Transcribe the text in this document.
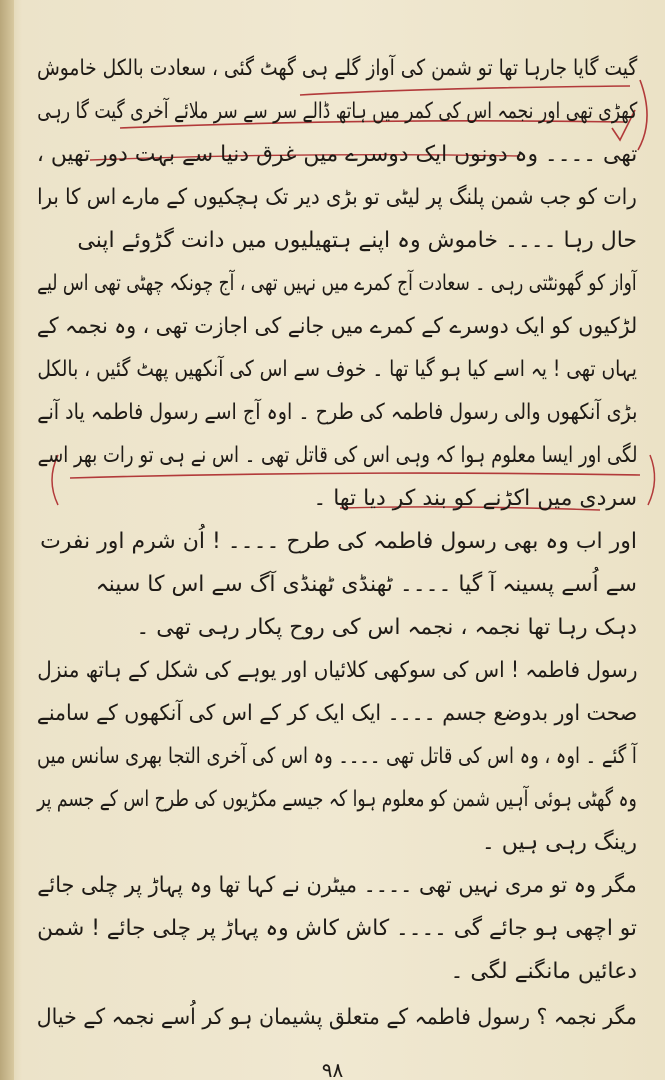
گیت گایا جارہا تھا تو شمن کی آواز گلے ہی گھٹ گئی ، سعادت بالکل خاموش
کھڑی تھی اور نجمہ اس کی کمر میں ہاتھ ڈالے سر سے سر ملائے آخری گیت گا رہی
تھی ۔۔۔۔ وہ دونوں ایک دوسرے میں غرق دنیا سے بہت دور تھیں ،
رات کو جب شمن پلنگ پر لیٹی تو بڑی دیر تک ہچکیوں کے مارے اس کا برا
حال رہا ۔۔۔۔ خاموش وہ اپنے ہتھیلیوں میں دانت گڑوئے اپنی
آواز کو گھونٹتی رہی ۔ سعادت آج کمرے میں نہیں تھی ، آج چونکہ چھٹی تھی اس لیے
لڑکیوں کو ایک دوسرے کے کمرے میں جانے کی اجازت تھی ، وہ نجمہ کے
یہاں تھی ! یہ اسے کیا ہو گیا تھا ۔ خوف سے اس کی آنکھیں پھٹ گئیں ، بالکل
بڑی آنکھوں والی رسول فاطمہ کی طرح ۔ اوہ آج اسے رسول فاطمہ یاد آنے
لگی اور ایسا معلوم ہوا کہ وہی اس کی قاتل تھی ۔ اس نے ہی تو رات بھر اسے
سردی میں اکڑنے کو بند کر دیا تھا ۔
اور اب وہ بھی رسول فاطمہ کی طرح ۔۔۔۔ ! اُن شرم اور نفرت
سے اُسے پسینہ آ گیا ۔۔۔۔ ٹھنڈی ٹھنڈی آگ سے اس کا سینہ
دہک رہا تھا نجمہ ، نجمہ اس کی روح پکار رہی تھی ۔
رسول فاطمہ ! اس کی سوکھی کلائیاں اور یوہے کی شکل کے ہاتھ منزل
صحت اور بدوضع جسم ۔۔۔۔ ایک ایک کر کے اس کی آنکھوں کے سامنے
آ گئے ۔ اوہ ، وہ اس کی قاتل تھی ۔۔۔۔ وہ اس کی آخری التجا بھری سانس میں
وہ گھٹی ہوئی آہیں شمن کو معلوم ہوا کہ جیسے مکڑیوں کی طرح اس کے جسم پر
رینگ رہی ہیں ۔
مگر وہ تو مری نہیں تھی ۔۔۔۔ میٹرن نے کہا تھا وہ پہاڑ پر چلی جائے
تو اچھی ہو جائے گی ۔۔۔۔ کاش کاش وہ پہاڑ پر چلی جائے ! شمن
دعائیں مانگنے لگی ۔
مگر نجمہ ؟ رسول فاطمہ کے متعلق پشیمان ہو کر اُسے نجمہ کے خیال
۹۸
